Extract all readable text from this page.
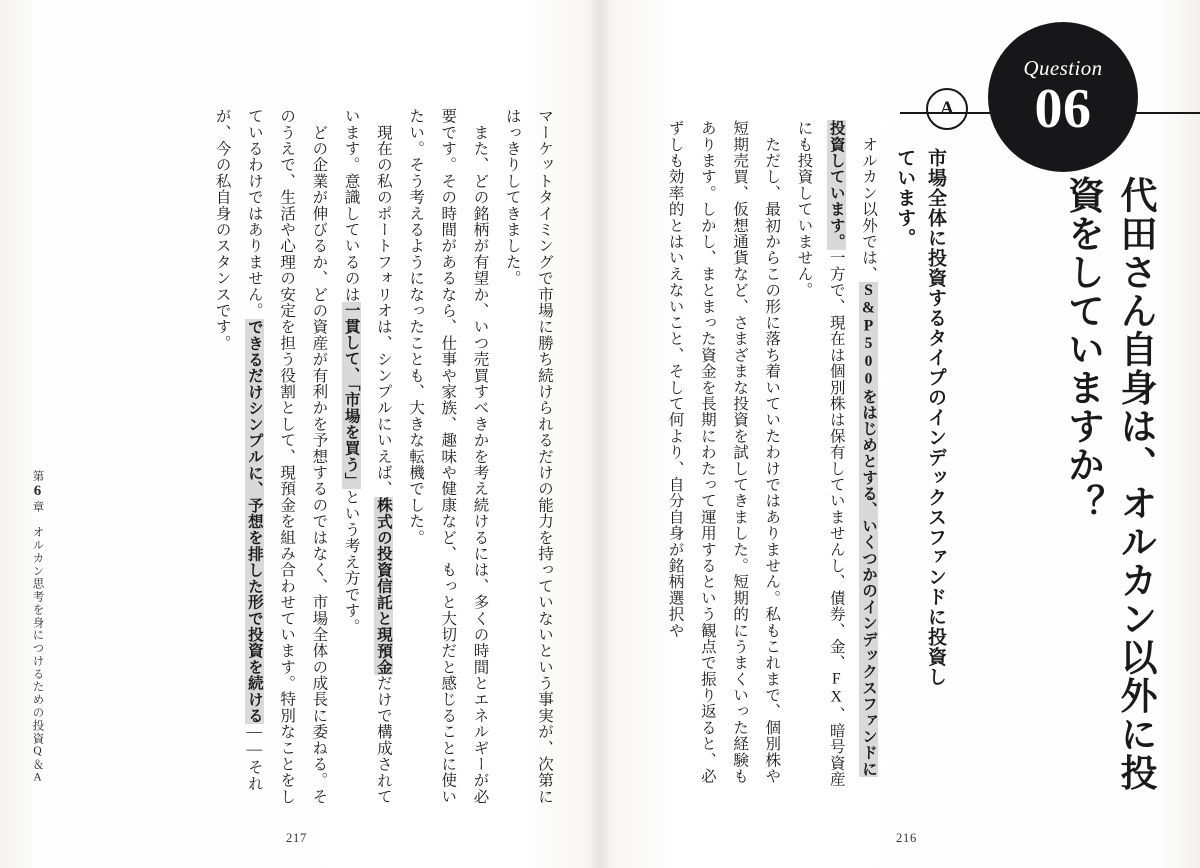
Question
06
A
代田さん自身は、オルカン以外に投資をしていますか？
市場全体に投資するタイプのインデックスファンドに投資しています。
　オルカン以外では、S&P500をはじめとする、いくつかのインデックスファンドに投資しています。一方で、現在は個別株は保有していませんし、債券、金、FX、暗号資産にも投資していません。
　ただし、最初からこの形に落ち着いていたわけではありません。私もこれまで、個別株や短期売買、仮想通貨など、さまざまな投資を試してきました。短期的にうまくいった経験もあります。しかし、まとまった資金を長期にわたって運用するという観点で振り返ると、必ずしも効率的とはいえないこと、そして何より、自分自身が銘柄選択や
216
マーケットタイミングで市場に勝ち続けられるだけの能力を持っていないという事実が、次第にはっきりしてきました。
　また、どの銘柄が有望か、いつ売買すべきかを考え続けるには、多くの時間とエネルギーが必要です。その時間があるなら、仕事や家族、趣味や健康など、もっと大切だと感じることに使いたい。そう考えるようになったことも、大きな転機でした。
　現在の私のポートフォリオは、シンプルにいえば、株式の投資信託と現預金だけで構成されています。意識しているのは一貫して、「市場を買う」という考え方です。
　どの企業が伸びるか、どの資産が有利かを予想するのではなく、市場全体の成長に委ねる。そのうえで、生活や心理の安定を担う役割として、現預金を組み合わせています。特別なことをしているわけではありません。できるだけシンプルに、予想を排した形で投資を続ける——それが、今の私自身のスタンスです。
第6章　オルカン思考を身につけるための投資Q＆A
217
